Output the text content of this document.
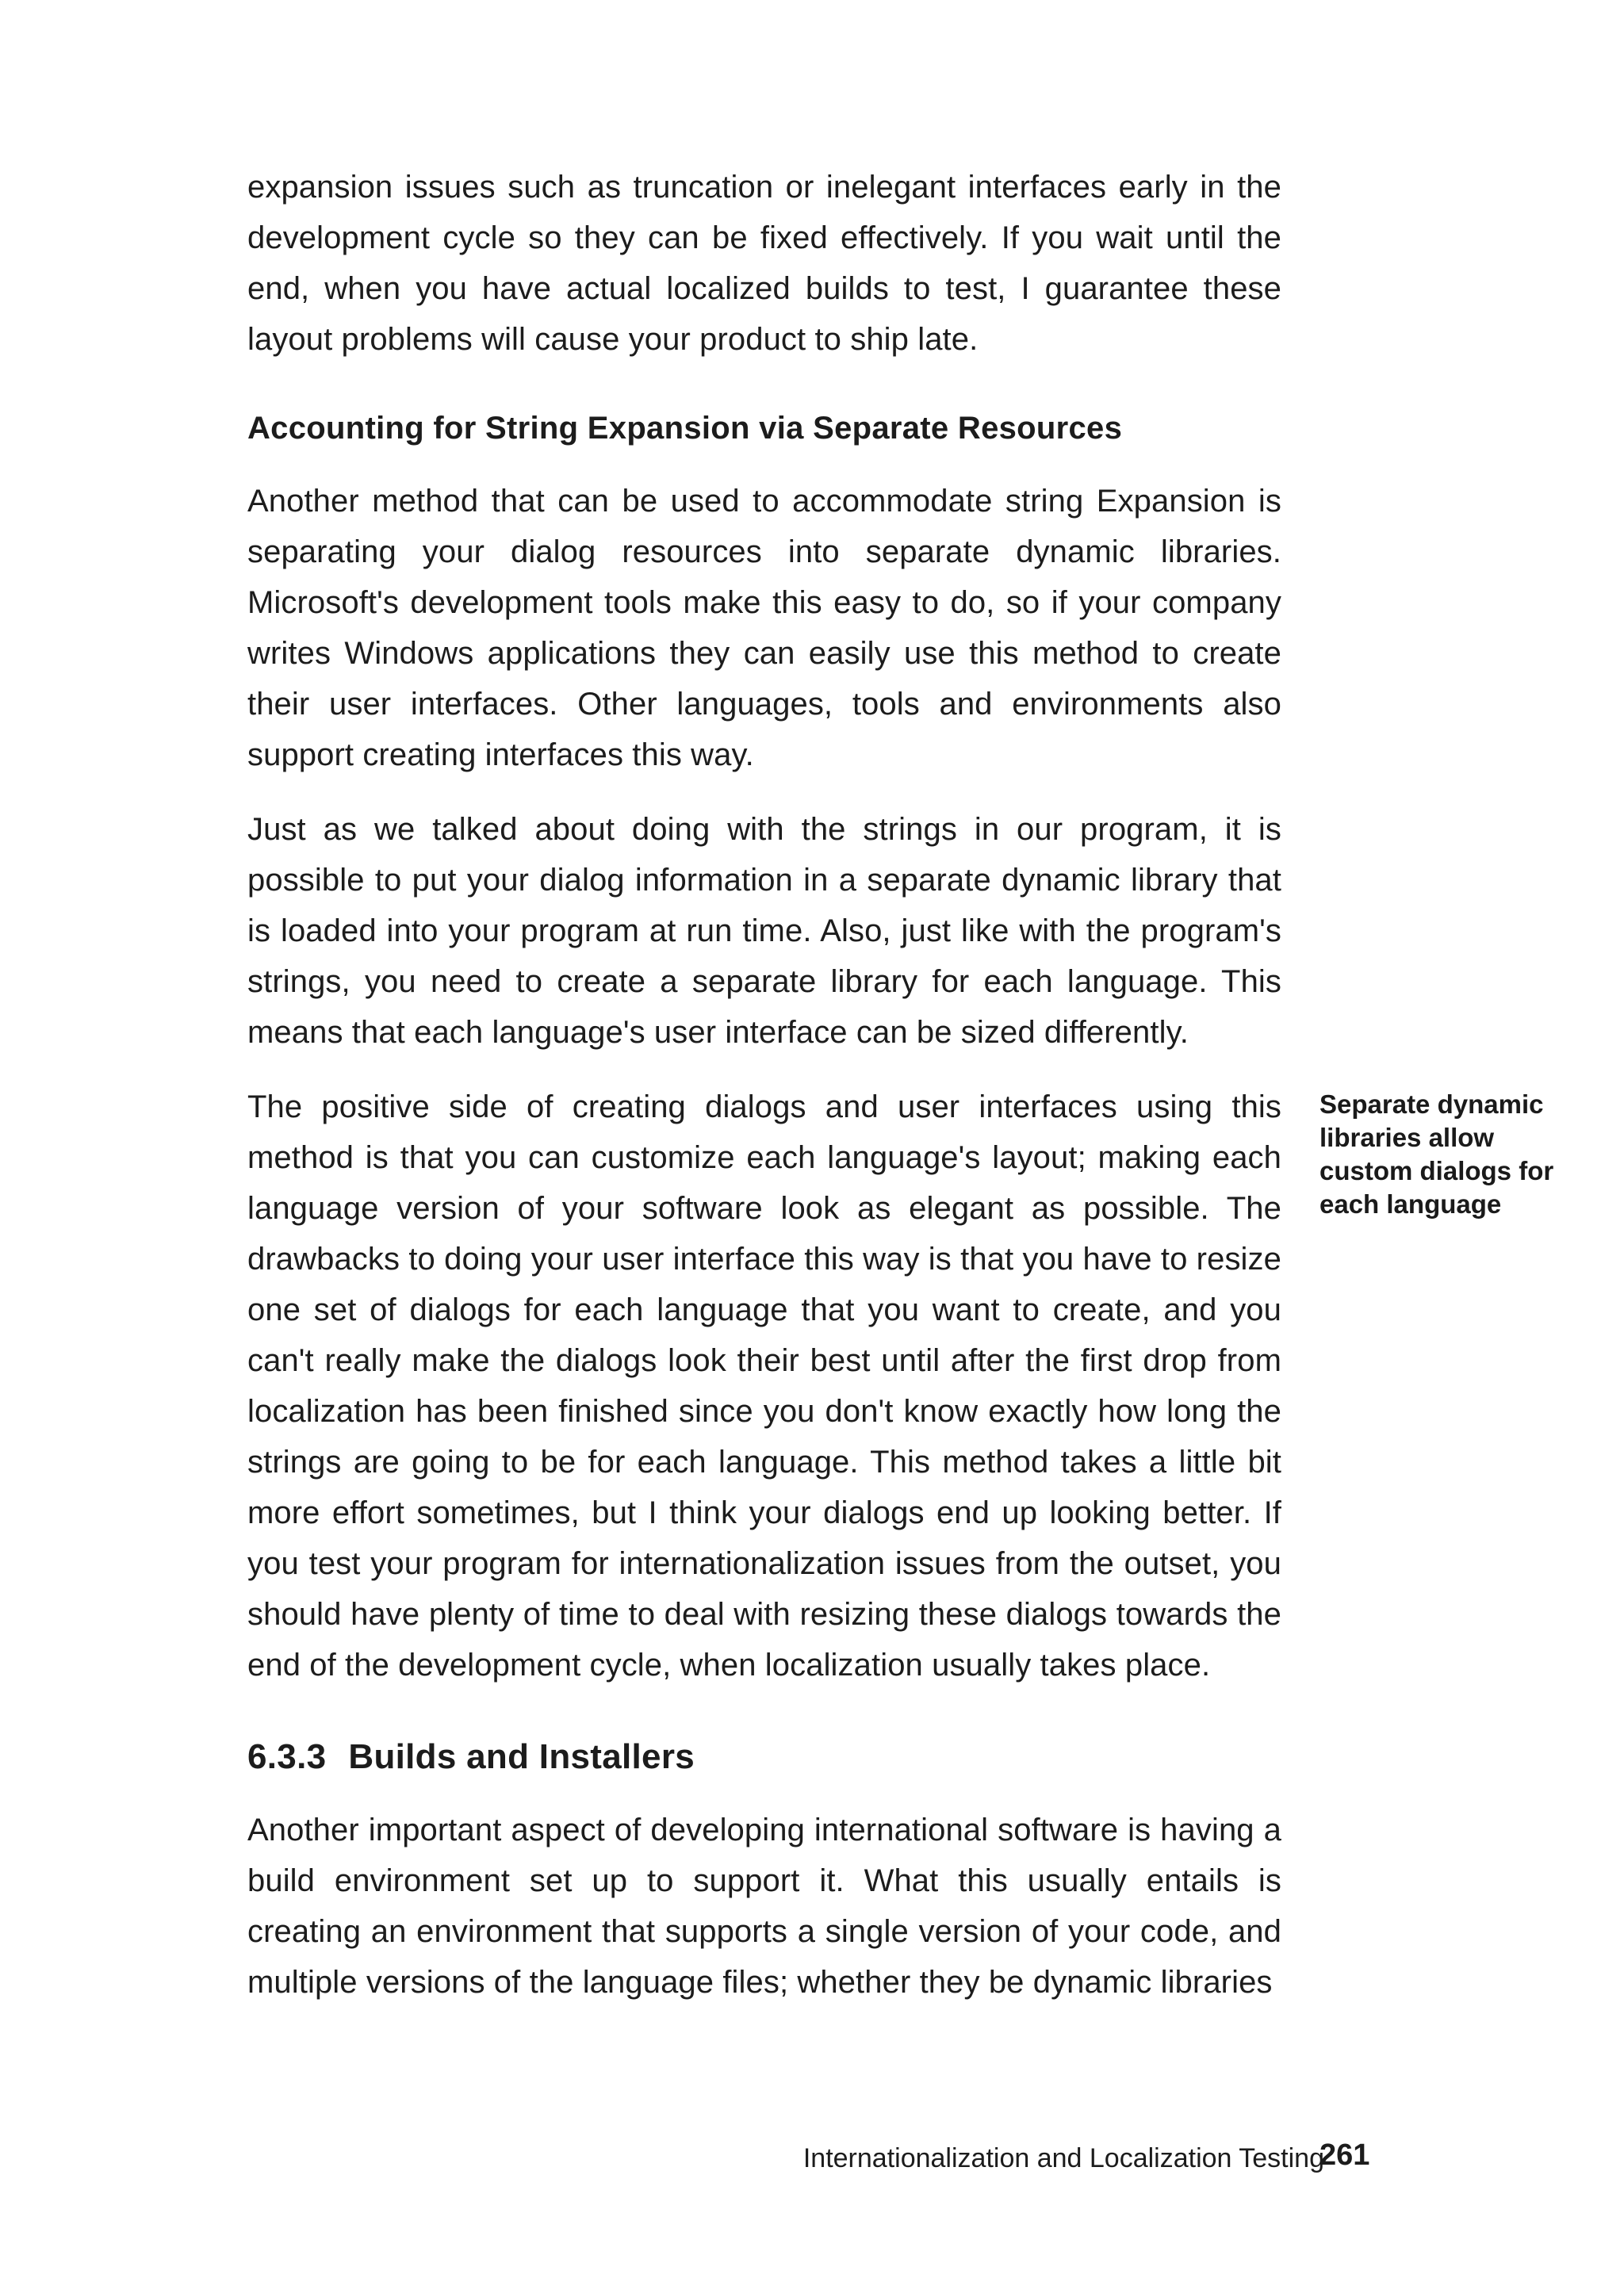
expansion issues such as truncation or inelegant interfaces early in the development cycle so they can be fixed effectively. If you wait until the end, when you have actual localized builds to test, I guarantee these layout problems will cause your product to ship late.

Accounting for String Expansion via Separate Resources

Another method that can be used to accommodate string Expansion is separating your dialog resources into separate dynamic libraries. Microsoft's development tools make this easy to do, so if your company writes Windows applications they can easily use this method to create their user interfaces. Other languages, tools and environments also support creating interfaces this way.

Just as we talked about doing with the strings in our program, it is possible to put your dialog information in a separate dynamic library that is loaded into your program at run time. Also, just like with the program's strings, you need to create a separate library for each language. This means that each language's user interface can be sized differently.

The positive side of creating dialogs and user interfaces using this method is that you can customize each language's layout; making each language version of your software look as elegant as possible. The drawbacks to doing your user interface this way is that you have to resize one set of dialogs for each language that you want to create, and you can't really make the dialogs look their best until after the first drop from localization has been finished since you don't know exactly how long the strings are going to be for each language. This method takes a little bit more effort sometimes, but I think your dialogs end up looking better. If you test your program for internationalization issues from the outset, you should have plenty of time to deal with resizing these dialogs towards the end of the development cycle, when localization usually takes place.

Separate dynamic libraries allow custom dialogs for each language
6.3.3 Builds and Installers

Another important aspect of developing international software is having a build environment set up to support it. What this usually entails is creating an environment that supports a single version of your code, and multiple versions of the language files; whether they be dynamic libraries

Internationalization and Localization Testing
261
